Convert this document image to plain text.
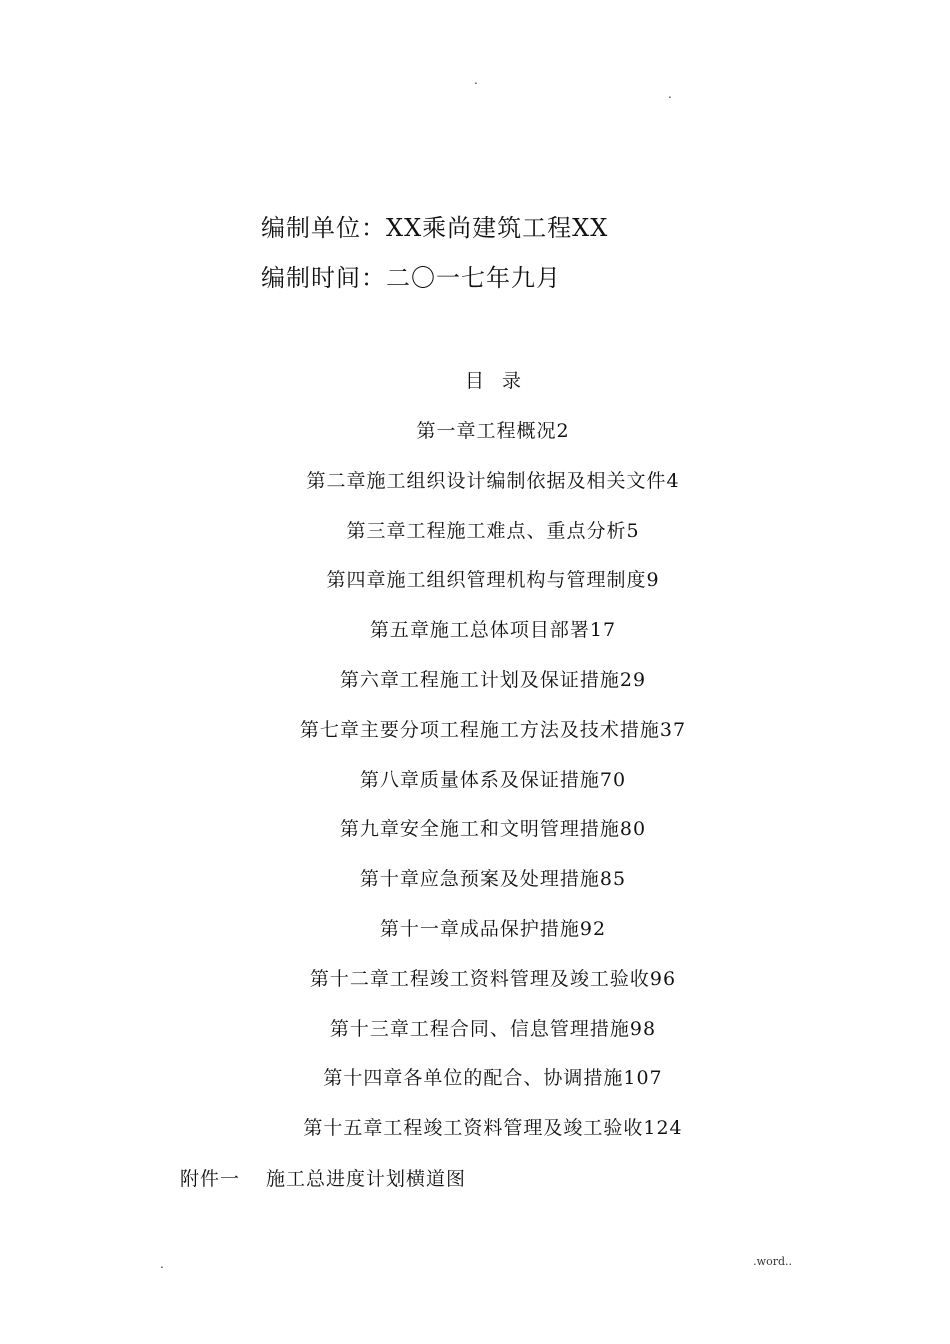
.
.
编制单位：XX乘尚建筑工程XX
编制时间：二〇一七年九月
目   录
第一章工程概况2
第二章施工组织设计编制依据及相关文件4
第三章工程施工难点、重点分析5
第四章施工组织管理机构与管理制度9
第五章施工总体项目部署17
第六章工程施工计划及保证措施29
第七章主要分项工程施工方法及技术措施37
第八章质量体系及保证措施70
第九章安全施工和文明管理措施80
第十章应急预案及处理措施85
第十一章成品保护措施92
第十二章工程竣工资料管理及竣工验收96
第十三章工程合同、信息管理措施98
第十四章各单位的配合、协调措施107
第十五章工程竣工资料管理及竣工验收124
附件一 施工总进度计划横道图
.	.word..
